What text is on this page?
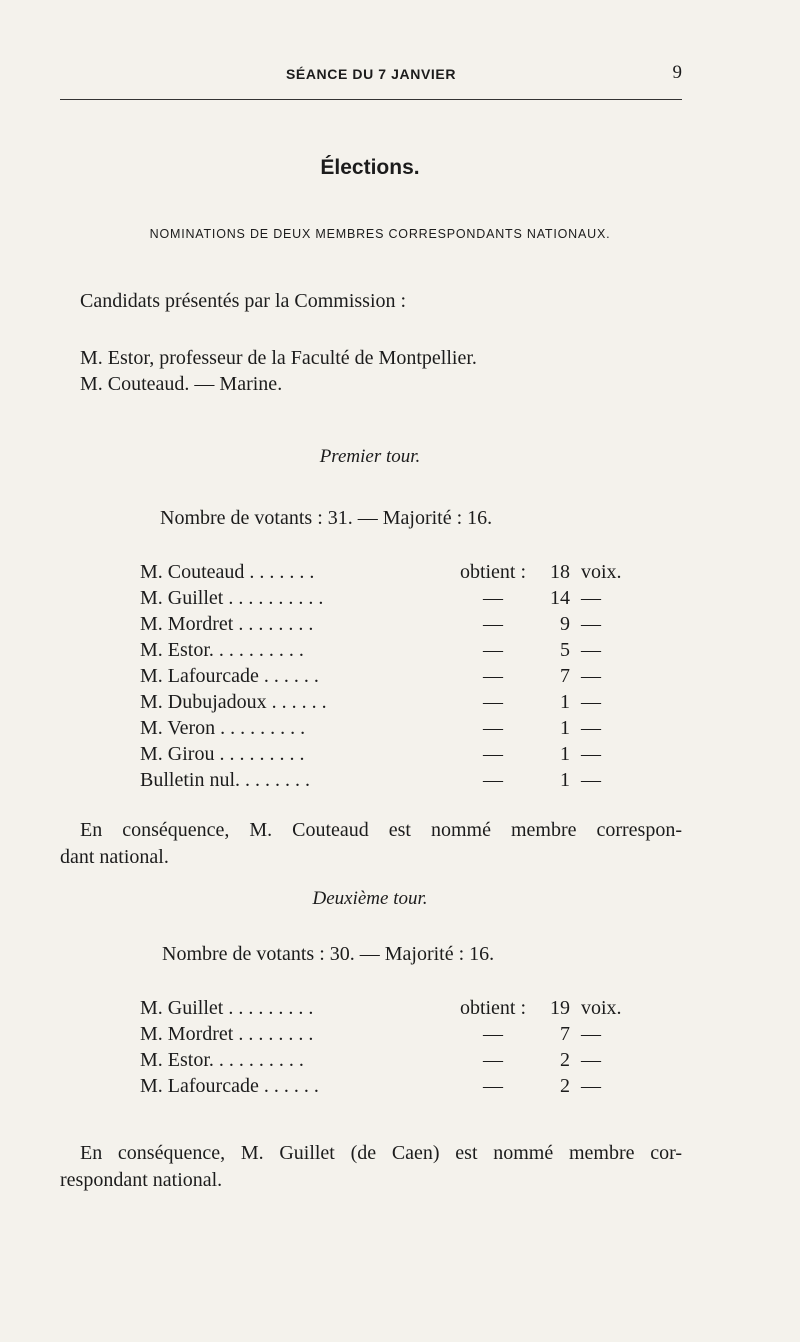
SÉANCE DU 7 JANVIER	9
Élections.
NOMINATIONS DE DEUX MEMBRES CORRESPONDANTS NATIONAUX.
Candidats présentés par la Commission :
M. Estor, professeur de la Faculté de Montpellier.
M. Couteaud. — Marine.
Premier tour.
Nombre de votants : 31. — Majorité : 16.
M. Couteaud . . . . . . .	obtient :	18 voix.
M. Guillet . . . . . . . . . .	—	14 —
M. Mordret . . . . . . . .	—	9 —
M. Estor. . . . . . . . . .	—	5 —
M. Lafourcade . . . . . .	—	7 —
M. Dubujadoux . . . . . .	—	1 —
M. Veron . . . . . . . . .	—	1 —
M. Girou . . . . . . . . .	—	1 —
Bulletin nul. . . . . . . .	—	1 —
En conséquence, M. Couteaud est nommé membre correspon-
dant national.
Deuxième tour.
Nombre de votants : 30. — Majorité : 16.
M. Guillet . . . . . . . . .	obtient :	19 voix.
M. Mordret . . . . . . . .	—	7 —
M. Estor. . . . . . . . . .	—	2 —
M. Lafourcade . . . . . .	—	2 —
En conséquence, M. Guillet (de Caen) est nommé membre cor-
respondant national.
